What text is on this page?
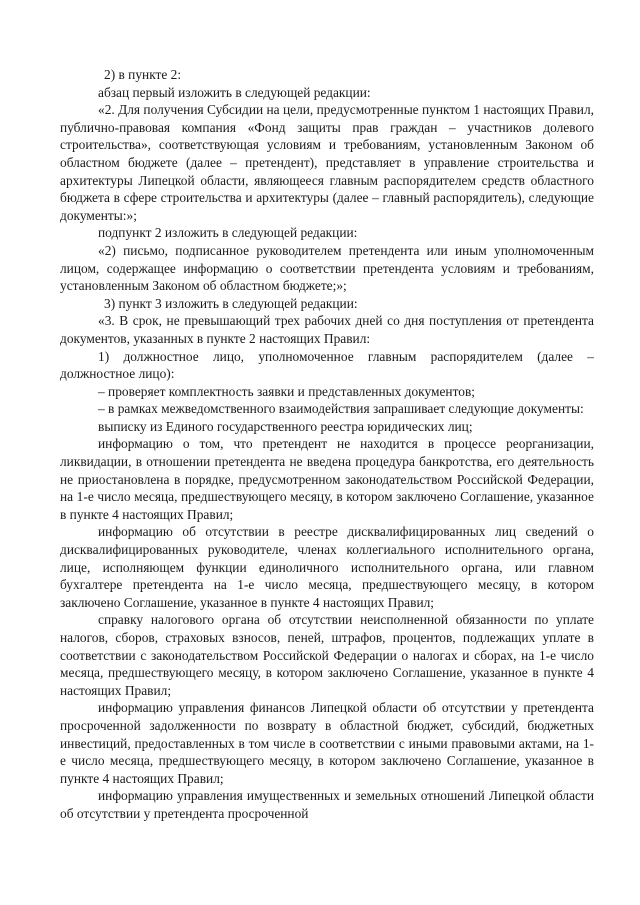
2) в пункте 2:

абзац первый изложить в следующей редакции:

«2. Для получения Субсидии на цели, предусмотренные пунктом 1 настоящих Правил, публично-правовая компания «Фонд защиты прав граждан – участников долевого строительства», соответствующая условиям и требованиям, установленным Законом об областном бюджете (далее – претендент), представляет в управление строительства и архитектуры Липецкой области, являющееся главным распорядителем средств областного бюджета в сфере строительства и архитектуры (далее – главный распорядитель), следующие документы:»;

подпункт 2 изложить в следующей редакции:

«2) письмо, подписанное руководителем претендента или иным уполномоченным лицом, содержащее информацию о соответствии претендента условиям и требованиям, установленным Законом об областном бюджете;»;

3) пункт 3 изложить в следующей редакции:

«3. В срок, не превышающий трех рабочих дней со дня поступления от претендента документов, указанных в пункте 2 настоящих Правил:

1) должностное лицо, уполномоченное главным распорядителем (далее – должностное лицо):

– проверяет комплектность заявки и представленных документов;

– в рамках межведомственного взаимодействия запрашивает следующие документы:

выписку из Единого государственного реестра юридических лиц;

информацию о том, что претендент не находится в процессе реорганизации, ликвидации, в отношении претендента не введена процедура банкротства, его деятельность не приостановлена в порядке, предусмотренном законодательством Российской Федерации, на 1-е число месяца, предшествующего месяцу, в котором заключено Соглашение, указанное в пункте 4 настоящих Правил;

информацию об отсутствии в реестре дисквалифицированных лиц сведений о дисквалифицированных руководителе, членах коллегиального исполнительного органа, лице, исполняющем функции единоличного исполнительного органа, или главном бухгалтере претендента на 1-е число месяца, предшествующего месяцу, в котором заключено Соглашение, указанное в пункте 4 настоящих Правил;

справку налогового органа об отсутствии неисполненной обязанности по уплате налогов, сборов, страховых взносов, пеней, штрафов, процентов, подлежащих уплате в соответствии с законодательством Российской Федерации о налогах и сборах, на 1-е число месяца, предшествующего месяцу, в котором заключено Соглашение, указанное в пункте 4 настоящих Правил;

информацию управления финансов Липецкой области об отсутствии у претендента просроченной задолженности по возврату в областной бюджет, субсидий, бюджетных инвестиций, предоставленных в том числе в соответствии с иными правовыми актами, на 1-е число месяца, предшествующего месяцу, в котором заключено Соглашение, указанное в пункте 4 настоящих Правил;

информацию управления имущественных и земельных отношений Липецкой области об отсутствии у претендента просроченной
